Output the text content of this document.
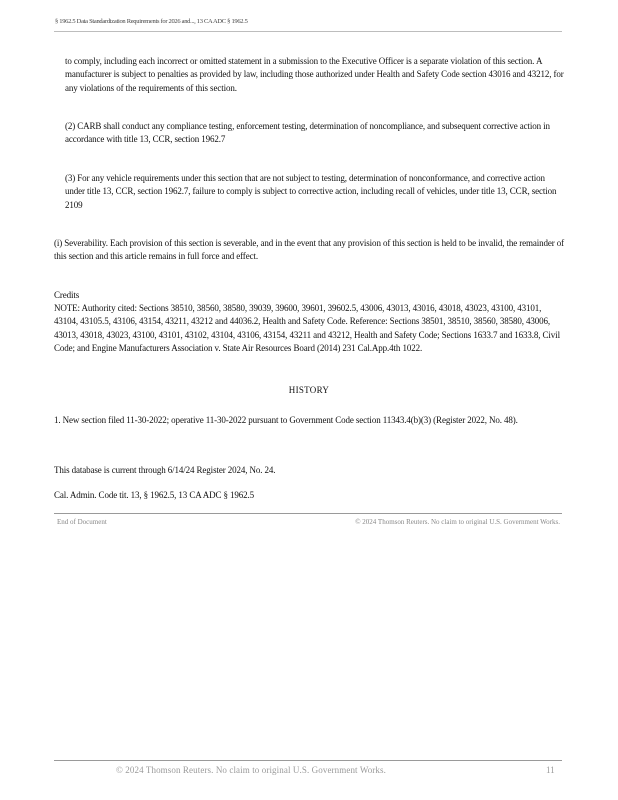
§ 1962.5 Data Standardization Requirements for 2026 and..., 13 CA ADC § 1962.5

to comply, including each incorrect or omitted statement in a submission to the Executive Officer is a separate violation of this section. A manufacturer is subject to penalties as provided by law, including those authorized under Health and Safety Code section 43016 and 43212, for any violations of the requirements of this section.

(2) CARB shall conduct any compliance testing, enforcement testing, determination of noncompliance, and subsequent corrective action in accordance with title 13, CCR, section 1962.7

(3) For any vehicle requirements under this section that are not subject to testing, determination of nonconformance, and corrective action under title 13, CCR, section 1962.7, failure to comply is subject to corrective action, including recall of vehicles, under title 13, CCR, section 2109

(i) Severability. Each provision of this section is severable, and in the event that any provision of this section is held to be invalid, the remainder of this section and this article remains in full force and effect.

Credits

NOTE: Authority cited: Sections 38510, 38560, 38580, 39039, 39600, 39601, 39602.5, 43006, 43013, 43016, 43018, 43023, 43100, 43101, 43104, 43105.5, 43106, 43154, 43211, 43212 and 44036.2, Health and Safety Code. Reference: Sections 38501, 38510, 38560, 38580, 43006, 43013, 43018, 43023, 43100, 43101, 43102, 43104, 43106, 43154, 43211 and 43212, Health and Safety Code; Sections 1633.7 and 1633.8, Civil Code; and Engine Manufacturers Association v. State Air Resources Board (2014) 231 Cal.App.4th 1022.

HISTORY

1. New section filed 11-30-2022; operative 11-30-2022 pursuant to Government Code section 11343.4(b)(3) (Register 2022, No. 48).

This database is current through 6/14/24 Register 2024, No. 24.

Cal. Admin. Code tit. 13, § 1962.5, 13 CA ADC § 1962.5

End of Document	© 2024 Thomson Reuters. No claim to original U.S. Government Works.
© 2024 Thomson Reuters. No claim to original U.S. Government Works.	11
